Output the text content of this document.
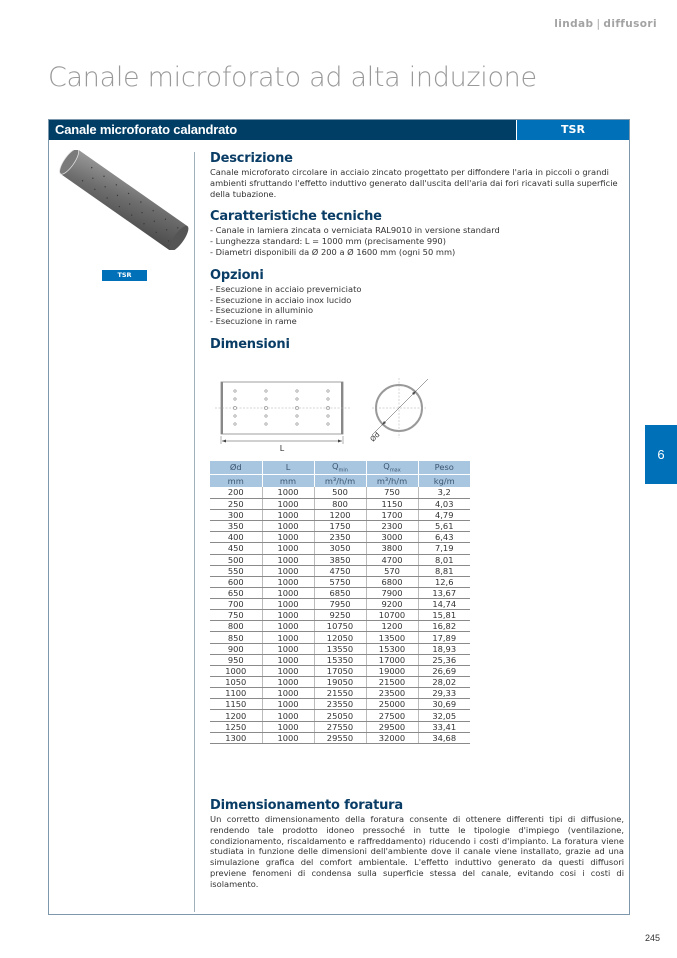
lindab | diffusori
Canale microforato ad alta induzione
Canale microforato calandrato	TSR
TSR
Descrizione

Canale microforato circolare in acciaio zincato progettato per diffondere l'aria in piccoli o grandi ambienti sfruttando l'effetto induttivo generato dall'uscita dell'aria dai fori ricavati sulla superficie della tubazione.

Caratteristiche tecniche

- Canale in lamiera zincata o verniciata RAL9010 in versione standard

- Lunghezza standard: L = 1000 mm (precisamente 990)

- Diametri disponibili da Ø 200 a Ø 1600 mm (ogni 50 mm)

Opzioni

- Esecuzione in acciaio preverniciato

- Esecuzione in acciaio inox lucido

- Esecuzione in alluminio

- Esecuzione in rame

Dimensioni
L
Ød
Ød	L	$Q_{min}$	$Q_{max}$	Peso
mm	mm	m³/h/m	m³/h/m	kg/m
200	1000	500	750	3,2
250	1000	800	1150	4,03
300	1000	1200	1700	4,79
350	1000	1750	2300	5,61
400	1000	2350	3000	6,43
450	1000	3050	3800	7,19
500	1000	3850	4700	8,01
550	1000	4750	570	8,81
600	1000	5750	6800	12,6
650	1000	6850	7900	13,67
700	1000	7950	9200	14,74
750	1000	9250	10700	15,81
800	1000	10750	1200	16,82
850	1000	12050	13500	17,89
900	1000	13550	15300	18,93
950	1000	15350	17000	25,36
1000	1000	17050	19000	26,69
1050	1000	19050	21500	28,02
1100	1000	21550	23500	29,33
1150	1000	23550	25000	30,69
1200	1000	25050	27500	32,05
1250	1000	27550	29500	33,41
1300	1000	29550	32000	34,68
Dimensionamento foratura

Un corretto dimensionamento della foratura consente di ottenere differenti tipi di diffusione, rendendo tale prodotto idoneo pressoché in tutte le tipologie d'impiego (ventilazione, condizionamento, riscaldamento e raffreddamento) riducendo i costi d'impianto. La foratura viene studiata in funzione delle dimensioni dell'ambiente dove il canale viene installato, grazie ad una simulazione grafica del comfort ambientale. L'effetto induttivo generato da questi diffusori previene fenomeni di condensa sulla superficie stessa del canale, evitando cosi i costi di isolamento.

6
245
